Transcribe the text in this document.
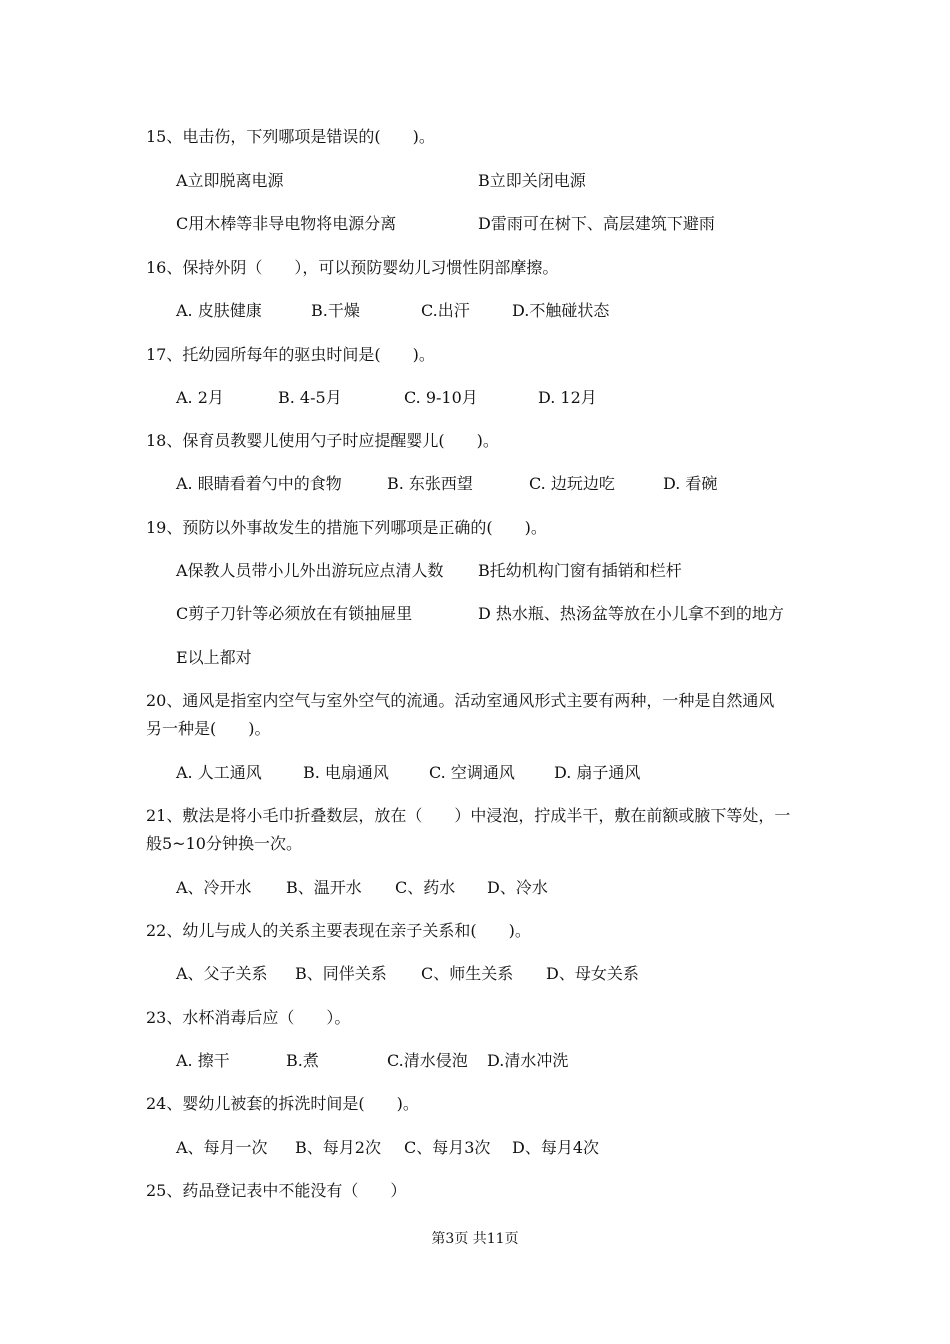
15、电击伤，下列哪项是错误的(　　)。
A立即脱离电源	B立即关闭电源
C用木棒等非导电物将电源分离	D雷雨可在树下、高层建筑下避雨
16、保持外阴（　　），可以预防婴幼儿习惯性阴部摩擦。
A. 皮肤健康	B.干燥	C.出汗	D.不触碰状态
17、托幼园所每年的驱虫时间是(　　)。
A. 2月	B. 4-5月	C. 9-10月	D. 12月
18、保育员教婴儿使用勺子时应提醒婴儿(　　)。
A. 眼睛看着勺中的食物	B. 东张西望	C. 边玩边吃	D. 看碗
19、预防以外事故发生的措施下列哪项是正确的(　　)。
A保教人员带小儿外出游玩应点清人数 B托幼机构门窗有插销和栏杆
C剪子刀针等必须放在有锁抽屉里	D 热水瓶、热汤盆等放在小儿拿不到的地方
E以上都对
20、通风是指室内空气与室外空气的流通。活动室通风形式主要有两种，一种是自然通风
另一种是(　　)。
A. 人工通风	B. 电扇通风	C. 空调通风 D. 扇子通风
21、敷法是将小毛巾折叠数层，放在（　　）中浸泡，拧成半干，敷在前额或腋下等处，一
般5~10分钟换一次。
A、冷开水 B、温开水 C、药水 D、冷水
22、幼儿与成人的关系主要表现在亲子关系和(　　)。
A、父子关系 B、同伴关系 C、师生关系 D、母女关系
23、水杯消毒后应（　　）。
A. 擦干	B.煮	C.清水侵泡 D.清水冲洗
24、婴幼儿被套的拆洗时间是(　　)。
A、每月一次 B、每月2次 C、每月3次 D、每月4次
25、药品登记表中不能没有（　　）
第3页 共11页
